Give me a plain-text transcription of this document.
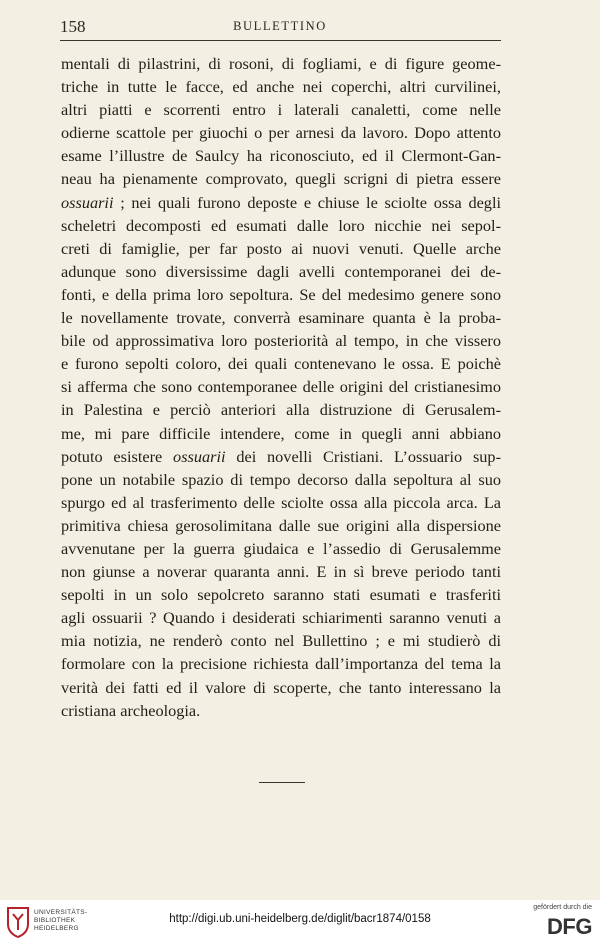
158	BULLETTINO
mentali di pilastrini, di rosoni, di fogliami, e di figure geome-
triche in tutte le facce, ed anche nei coperchi, altri curvilinei,
altri piatti e scorrenti entro i laterali canaletti, come nelle
odierne scattole per giuochi o per arnesi da lavoro. Dopo attento
esame l’illustre de Saulcy ha riconosciuto, ed il Clermont-Gan-
neau ha pienamente comprovato, quegli scrigni di pietra essere
ossuarii ; nei quali furono deposte e chiuse le sciolte ossa degli
scheletri decomposti ed esumati dalle loro nicchie nei sepol-
creti di famiglie, per far posto ai nuovi venuti. Quelle arche
adunque sono diversissime dagli avelli contemporanei dei de-
fonti, e della prima loro sepoltura. Se del medesimo genere sono
le novellamente trovate, converrà esaminare quanta è la proba-
bile od approssimativa loro posteriorità al tempo, in che vissero
e furono sepolti coloro, dei quali contenevano le ossa. E poichè
si afferma che sono contemporanee delle origini del cristianesimo
in Palestina e perciò anteriori alla distruzione di Gerusalem-
me, mi pare difficile intendere, come in quegli anni abbiano
potuto esistere ossuarii dei novelli Cristiani. L’ossuario sup-
pone un notabile spazio di tempo decorso dalla sepoltura al suo
spurgo ed al trasferimento delle sciolte ossa alla piccola arca. La
primitiva chiesa gerosolimitana dalle sue origini alla dispersione
avvenutane per la guerra giudaica e l’assedio di Gerusalemme
non giunse a noverar quaranta anni. E in sì breve periodo tanti
sepolti in un solo sepolcreto saranno stati esumati e trasferiti
agli ossuarii ? Quando i desiderati schiarimenti saranno venuti a
mia notizia, ne renderò conto nel Bullettino ; e mi studierò di
formolare con la precisione richiesta dall’importanza del tema la
verità dei fatti ed il valore di scoperte, che tanto interessano la
cristiana archeologia.
UNIVERSITÄTS-
BIBLIOTHEK
HEIDELBERG
http://digi.ub.uni-heidelberg.de/diglit/bacr1874/0158
gefördert durch die
DFG
